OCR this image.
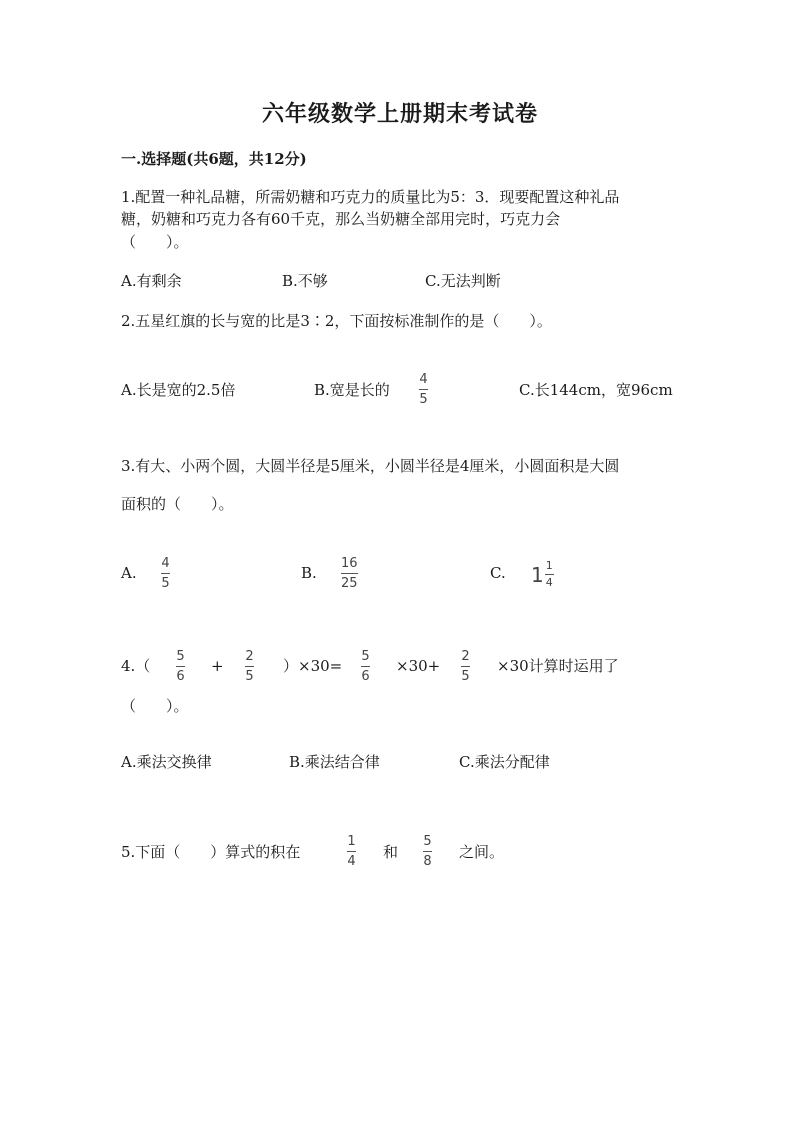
六年级数学上册期末考试卷
一.选择题(共6题，共12分)
1.配置一种礼品糖，所需奶糖和巧克力的质量比为5：3．现要配置这种礼品
糖，奶糖和巧克力各有60千克，那么当奶糖全部用完时，巧克力会
（　　）。
A.有剩余	B.不够	C.无法判断
2.五星红旗的长与宽的比是3∶2，下面按标准制作的是（　　）。
A.长是宽的2.5倍	B.宽是长的
4
5
C.长144cm，宽96cm
3.有大、小两个圆，大圆半径是5厘米，小圆半径是4厘米，小圆面积是大圆
面积的（　　）。
A.
4
5
B.
16
25
C. $1 \frac{1}{4}$
4.（
5
6
+
2
5
）×30=
5
6
×30+
2
5
×30计算时运用了
（　　）。
A.乘法交换律	B.乘法结合律	C.乘法分配律
5.下面（　　）算式的积在
1
4
和
5
8
之间。
